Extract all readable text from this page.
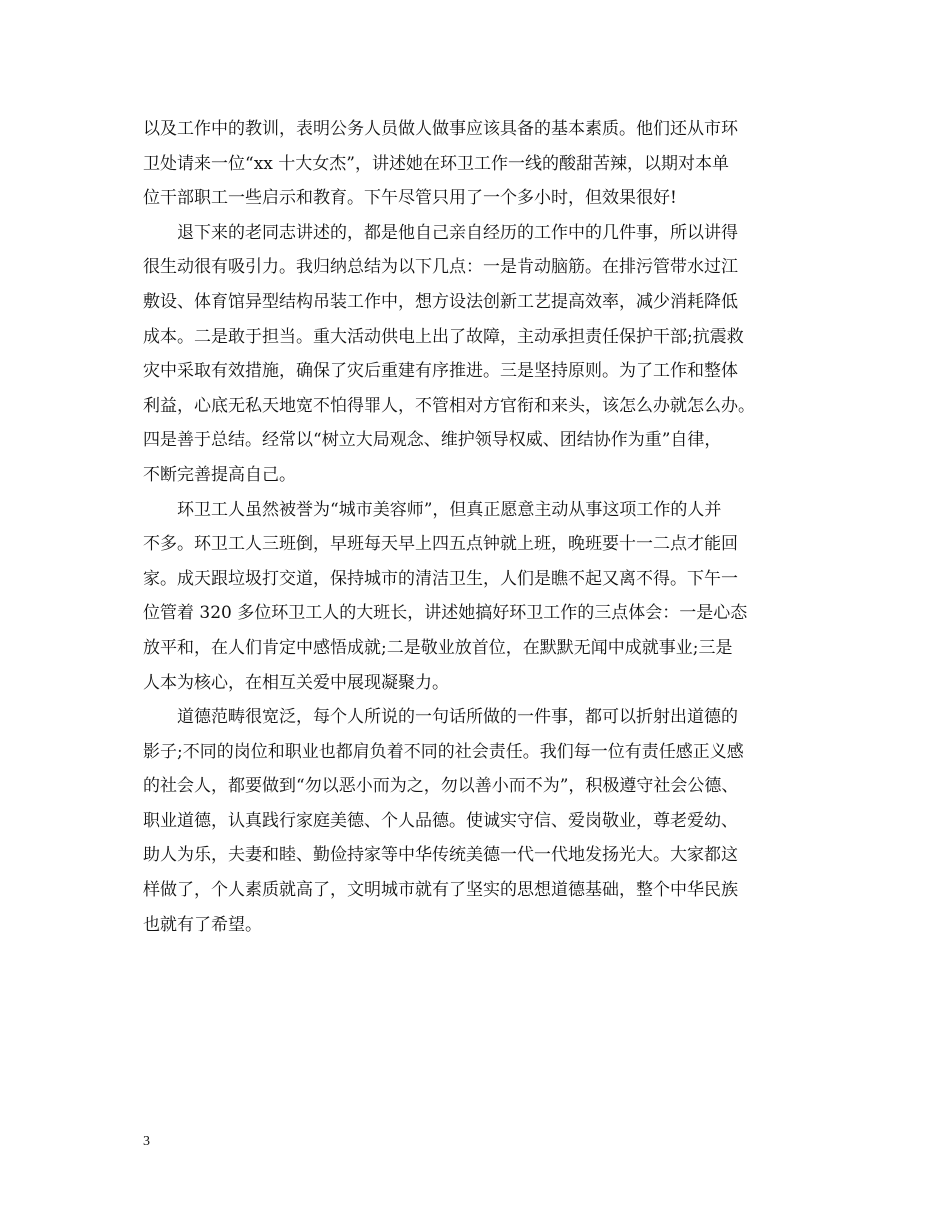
以及工作中的教训，表明公务人员做人做事应该具备的基本素质。他们还从市环
卫处请来一位“xx 十大女杰”，讲述她在环卫工作一线的酸甜苦辣，以期对本单
位干部职工一些启示和教育。下午尽管只用了一个多小时，但效果很好!
退下来的老同志讲述的，都是他自己亲自经历的工作中的几件事，所以讲得
很生动很有吸引力。我归纳总结为以下几点：一是肯动脑筋。在排污管带水过江
敷设、体育馆异型结构吊装工作中，想方设法创新工艺提高效率，减少消耗降低
成本。二是敢于担当。重大活动供电上出了故障，主动承担责任保护干部;抗震救
灾中采取有效措施，确保了灾后重建有序推进。三是坚持原则。为了工作和整体
利益，心底无私天地宽不怕得罪人，不管相对方官衔和来头，该怎么办就怎么办。
四是善于总结。经常以“树立大局观念、维护领导权威、团结协作为重”自律，
不断完善提高自己。
环卫工人虽然被誉为“城市美容师”，但真正愿意主动从事这项工作的人并
不多。环卫工人三班倒，早班每天早上四五点钟就上班，晚班要十一二点才能回
家。成天跟垃圾打交道，保持城市的清洁卫生，人们是瞧不起又离不得。下午一
位管着 320 多位环卫工人的大班长，讲述她搞好环卫工作的三点体会：一是心态
放平和，在人们肯定中感悟成就;二是敬业放首位，在默默无闻中成就事业;三是
人本为核心，在相互关爱中展现凝聚力。
道德范畴很宽泛，每个人所说的一句话所做的一件事，都可以折射出道德的
影子;不同的岗位和职业也都肩负着不同的社会责任。我们每一位有责任感正义感
的社会人，都要做到“勿以恶小而为之，勿以善小而不为”，积极遵守社会公德、
职业道德，认真践行家庭美德、个人品德。使诚实守信、爱岗敬业，尊老爱幼、
助人为乐，夫妻和睦、勤俭持家等中华传统美德一代一代地发扬光大。大家都这
样做了，个人素质就高了，文明城市就有了坚实的思想道德基础，整个中华民族
也就有了希望。
3
